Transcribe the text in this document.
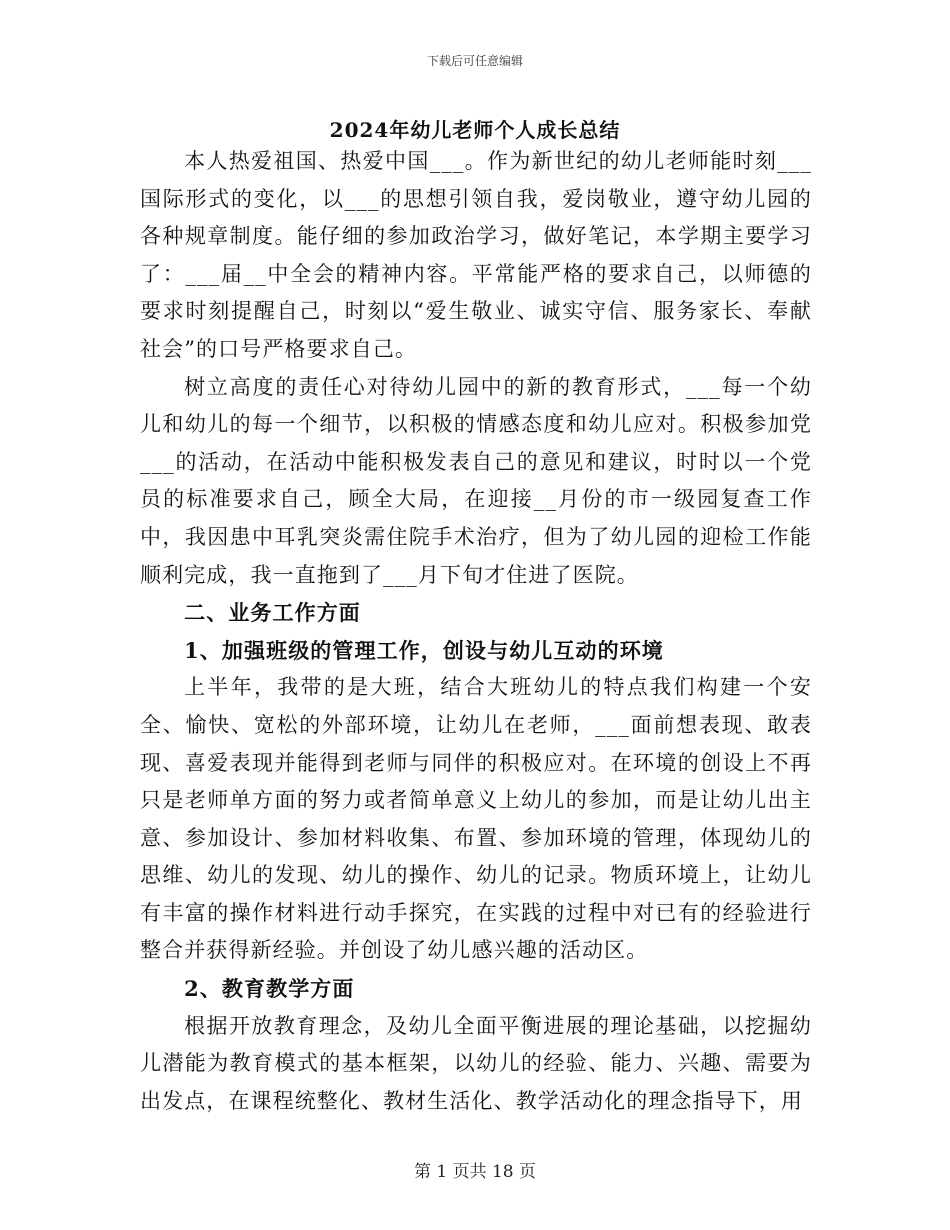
下载后可任意编辑
2024年幼儿老师个人成长总结

本人热爱祖国、热爱中国___。作为新世纪的幼儿老师能时刻___国际形式的变化，以___的思想引领自我，爱岗敬业，遵守幼儿园的各种规章制度。能仔细的参加政治学习，做好笔记，本学期主要学习了：___届__中全会的精神内容。平常能严格的要求自己，以师德的要求时刻提醒自己，时刻以“爱生敬业、诚实守信、服务家长、奉献社会”的口号严格要求自己。

树立高度的责任心对待幼儿园中的新的教育形式，___每一个幼儿和幼儿的每一个细节，以积极的情感态度和幼儿应对。积极参加党___的活动，在活动中能积极发表自己的意见和建议，时时以一个党员的标准要求自己，顾全大局，在迎接__月份的市一级园复查工作中，我因患中耳乳突炎需住院手术治疗，但为了幼儿园的迎检工作能顺利完成，我一直拖到了___月下旬才住进了医院。

二、业务工作方面
1、加强班级的管理工作，创设与幼儿互动的环境

上半年，我带的是大班，结合大班幼儿的特点我们构建一个安全、愉快、宽松的外部环境，让幼儿在老师，___面前想表现、敢表现、喜爱表现并能得到老师与同伴的积极应对。在环境的创设上不再只是老师单方面的努力或者简单意义上幼儿的参加，而是让幼儿出主意、参加设计、参加材料收集、布置、参加环境的管理，体现幼儿的思维、幼儿的发现、幼儿的操作、幼儿的记录。物质环境上，让幼儿有丰富的操作材料进行动手探究，在实践的过程中对已有的经验进行整合并获得新经验。并创设了幼儿感兴趣的活动区。

2、教育教学方面

根据开放教育理念，及幼儿全面平衡进展的理论基础，以挖掘幼儿潜能为教育模式的基本框架，以幼儿的经验、能力、兴趣、需要为出发点，在课程统整化、教材生活化、教学活动化的理念指导下，用

第 1 页共 18 页
